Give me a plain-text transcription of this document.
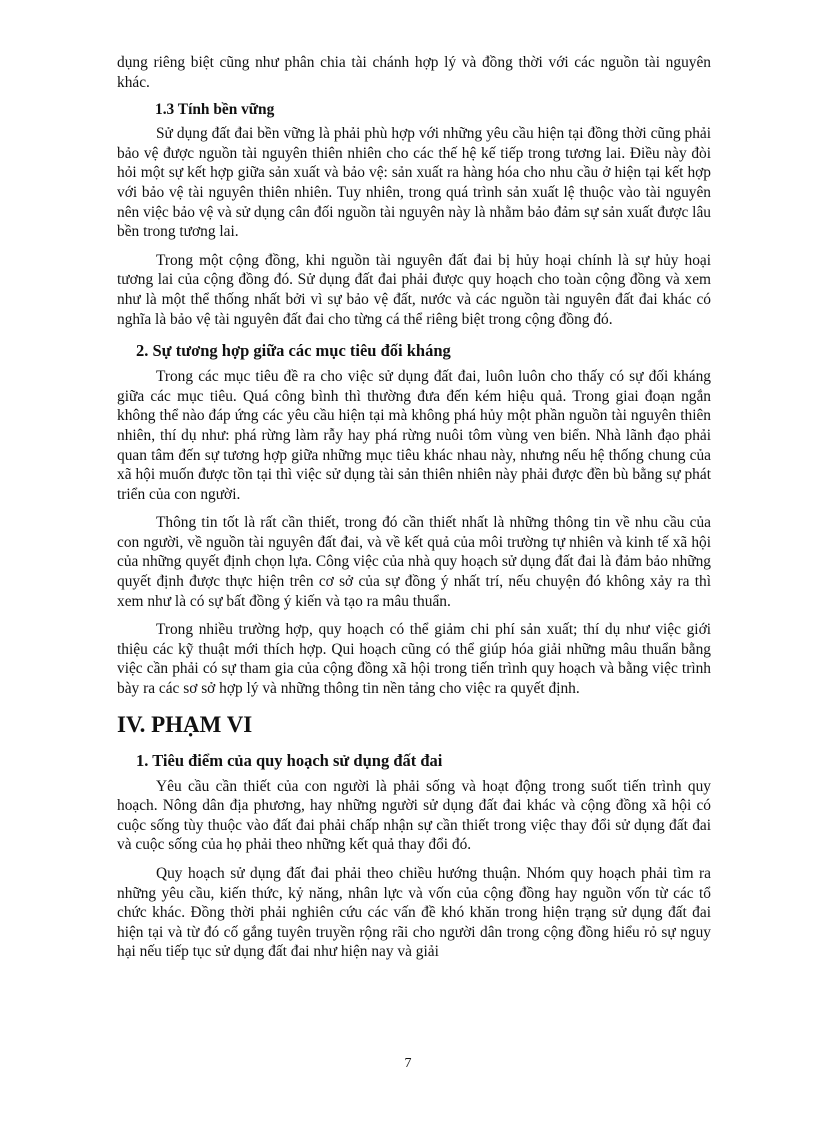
dụng riêng biệt cũng như phân chia tài chánh hợp lý và đồng thời với các nguồn tài nguyên khác.

1.3 Tính bền vững

Sử dụng đất đai bền vững là phải phù hợp với những yêu cầu hiện tại đồng thời cũng phải bảo vệ được nguồn tài nguyên thiên nhiên cho các thế hệ kế tiếp trong tương lai. Điều này đòi hỏi một sự kết hợp giữa sản xuất và bảo vệ: sản xuất ra hàng hóa cho nhu cầu ở hiện tại kết hợp với bảo vệ tài nguyên thiên nhiên. Tuy nhiên, trong quá trình sản xuất lệ thuộc vào tài nguyên nên việc bảo vệ và sử dụng cân đối nguồn tài nguyên này là nhằm bảo đảm sự sản xuất được lâu bền trong tương lai.

Trong một cộng đồng, khi nguồn tài nguyên đất đai bị hủy hoại chính là sự hủy hoại tương lai của cộng đồng đó. Sử dụng đất đai phải được quy hoạch cho toàn cộng đồng và xem như là một thể thống nhất bởi vì sự bảo vệ đất, nước và các nguồn tài nguyên đất đai khác có nghĩa là bảo vệ tài nguyên đất đai cho từng cá thể riêng biệt trong cộng đồng đó.

2. Sự tương hợp giữa các mục tiêu đối kháng

Trong các mục tiêu đề ra cho việc sử dụng đất đai, luôn luôn cho thấy có sự đối kháng giữa các mục tiêu. Quá công bình thì thường đưa đến kém hiệu quả. Trong giai đoạn ngắn không thể nào đáp ứng các yêu cầu hiện tại mà không phá hủy một phần nguồn tài nguyên thiên nhiên, thí dụ như: phá rừng làm rẫy hay phá rừng nuôi tôm vùng ven biển. Nhà lãnh đạo phải quan tâm đến sự tương hợp giữa những mục tiêu khác nhau này, nhưng nếu hệ thống chung của xã hội muốn được tồn tại thì việc sử dụng tài sản thiên nhiên này phải được đền bù bằng sự phát triển của con người.

Thông tin tốt là rất cần thiết, trong đó cần thiết nhất là những thông tin về nhu cầu của con người, về nguồn tài nguyên đất đai, và về kết quả của môi trường tự nhiên và kinh tế xã hội của những quyết định chọn lựa. Công việc của nhà quy hoạch sử dụng đất đai là đảm bảo những quyết định được thực hiện trên cơ sở của sự đồng ý nhất trí, nếu chuyện đó không xảy ra thì xem như là có sự bất đồng ý kiến và tạo ra mâu thuẩn.

Trong nhiều trường hợp, quy hoạch có thể giảm chi phí sản xuất; thí dụ như việc giới thiệu các kỹ thuật mới thích hợp. Qui hoạch cũng có thể giúp hóa giải những mâu thuẩn bằng việc cần phải có sự tham gia của cộng đồng xã hội trong tiến trình quy hoạch và bằng việc trình bày ra các sơ sở hợp lý và những thông tin nền tảng cho việc ra quyết định.

IV. PHẠM VI
1. Tiêu điểm của quy hoạch sử dụng đất đai

Yêu cầu cần thiết của con người là phải sống và hoạt động trong suốt tiến trình quy hoạch. Nông dân địa phương, hay những người sử dụng đất đai khác và cộng đồng xã hội có cuộc sống tùy thuộc vào đất đai phải chấp nhận sự cần thiết trong việc thay đổi sử dụng đất đai và cuộc sống của họ phải theo những kết quả thay đổi đó.

Quy hoạch sử dụng đất đai phải theo chiều hướng thuận. Nhóm quy hoạch phải tìm ra những yêu cầu, kiến thức, kỷ năng, nhân lực và vốn của cộng đồng hay nguồn vốn từ các tổ chức khác. Đồng thời phải nghiên cứu các vấn đề khó khăn trong hiện trạng sử dụng đất đai hiện tại và từ đó cố gắng tuyên truyền rộng rãi cho người dân trong cộng đồng hiểu rỏ sự nguy hại nếu tiếp tục sử dụng đất đai như hiện nay và giải

7
